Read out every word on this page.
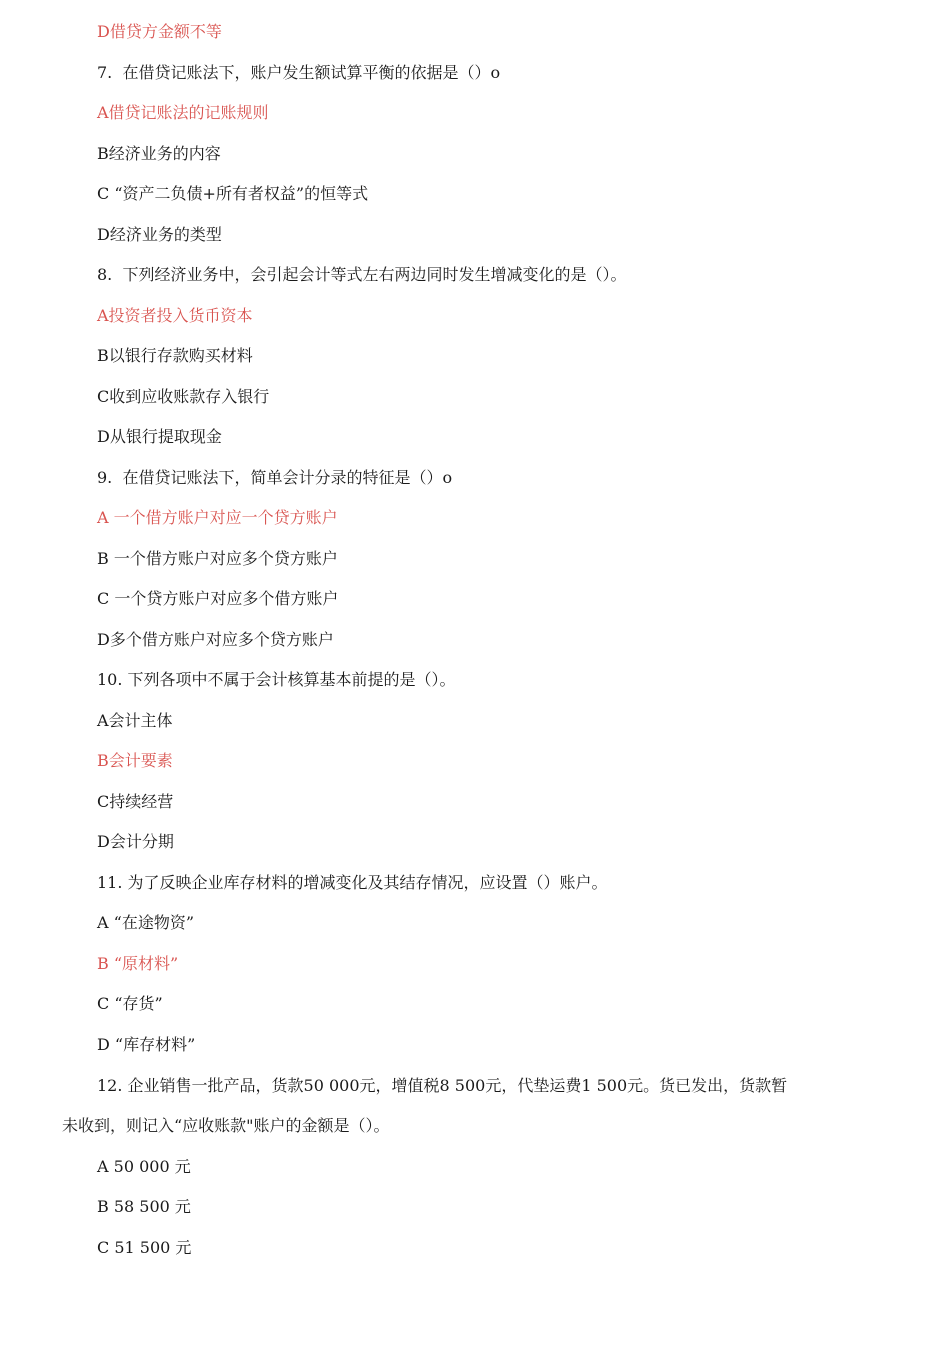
D借贷方金额不等
7.  在借贷记账法下，账户发生额试算平衡的依据是（）o
A借贷记账法的记账规则
B经济业务的内容
C “资产二负债+所有者权益”的恒等式
D经济业务的类型
8.  下列经济业务中，会引起会计等式左右两边同时发生增减变化的是（）。
A投资者投入货币资本
B以银行存款购买材料
C收到应收账款存入银行
D从银行提取现金
9.  在借贷记账法下，简单会计分录的特征是（）o
A 一个借方账户对应一个贷方账户
B 一个借方账户对应多个贷方账户
C 一个贷方账户对应多个借方账户
D多个借方账户对应多个贷方账户
10. 下列各项中不属于会计核算基本前提的是（）。
A会计主体
B会计要素
C持续经营
D会计分期
11. 为了反映企业库存材料的增减变化及其结存情况，应设置（）账户。
A “在途物资”
B “原材料”
C “存货”
D “库存材料”
12. 企业销售一批产品，货款50 000元，增值税8 500元，代垫运费1 500元。货已发出，货款暂
未收到，则记入“应收账款"账户的金额是（）。
A 50 000 元
B 58 500 元
C 51 500 元
